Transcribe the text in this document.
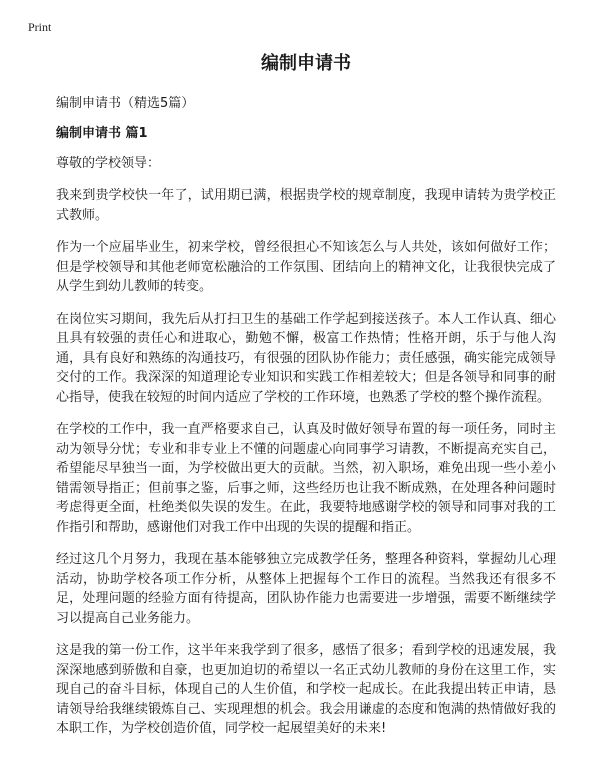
Print
编制申请书
编制申请书（精选5篇）
编制申请书 篇1
尊敬的学校领导：

我来到贵学校快一年了，试用期已满，根据贵学校的规章制度，我现申请转为贵学校正式教师。

作为一个应届毕业生，初来学校，曾经很担心不知该怎么与人共处，该如何做好工作；但是学校领导和其他老师宽松融洽的工作氛围、团结向上的精神文化，让我很快完成了从学生到幼儿教师的转变。

在岗位实习期间，我先后从打扫卫生的基础工作学起到接送孩子。本人工作认真、细心且具有较强的责任心和进取心，勤勉不懈，极富工作热情；性格开朗，乐于与他人沟通，具有良好和熟练的沟通技巧，有很强的团队协作能力；责任感强，确实能完成领导交付的工作。我深深的知道理论专业知识和实践工作相差较大；但是各领导和同事的耐心指导，使我在较短的时间内适应了学校的工作环境，也熟悉了学校的整个操作流程。

在学校的工作中，我一直严格要求自己，认真及时做好领导布置的每一项任务，同时主动为领导分忧；专业和非专业上不懂的问题虚心向同事学习请教，不断提高充实自己，希望能尽早独当一面，为学校做出更大的贡献。当然，初入职场，难免出现一些小差小错需领导指正；但前事之鉴，后事之师，这些经历也让我不断成熟，在处理各种问题时考虑得更全面，杜绝类似失误的发生。在此，我要特地感谢学校的领导和同事对我的工作指引和帮助，感谢他们对我工作中出现的失误的提醒和指正。

经过这几个月努力，我现在基本能够独立完成教学任务，整理各种资料，掌握幼儿心理活动，协助学校各项工作分析，从整体上把握每个工作日的流程。当然我还有很多不足，处理问题的经验方面有待提高，团队协作能力也需要进一步增强，需要不断继续学习以提高自己业务能力。

这是我的第一份工作，这半年来我学到了很多，感悟了很多；看到学校的迅速发展，我深深地感到骄傲和自豪，也更加迫切的希望以一名正式幼儿教师的身份在这里工作，实现自己的奋斗目标，体现自己的人生价值，和学校一起成长。在此我提出转正申请，恳请领导给我继续锻炼自己、实现理想的机会。我会用谦虚的态度和饱满的热情做好我的本职工作，为学校创造价值，同学校一起展望美好的未来!
